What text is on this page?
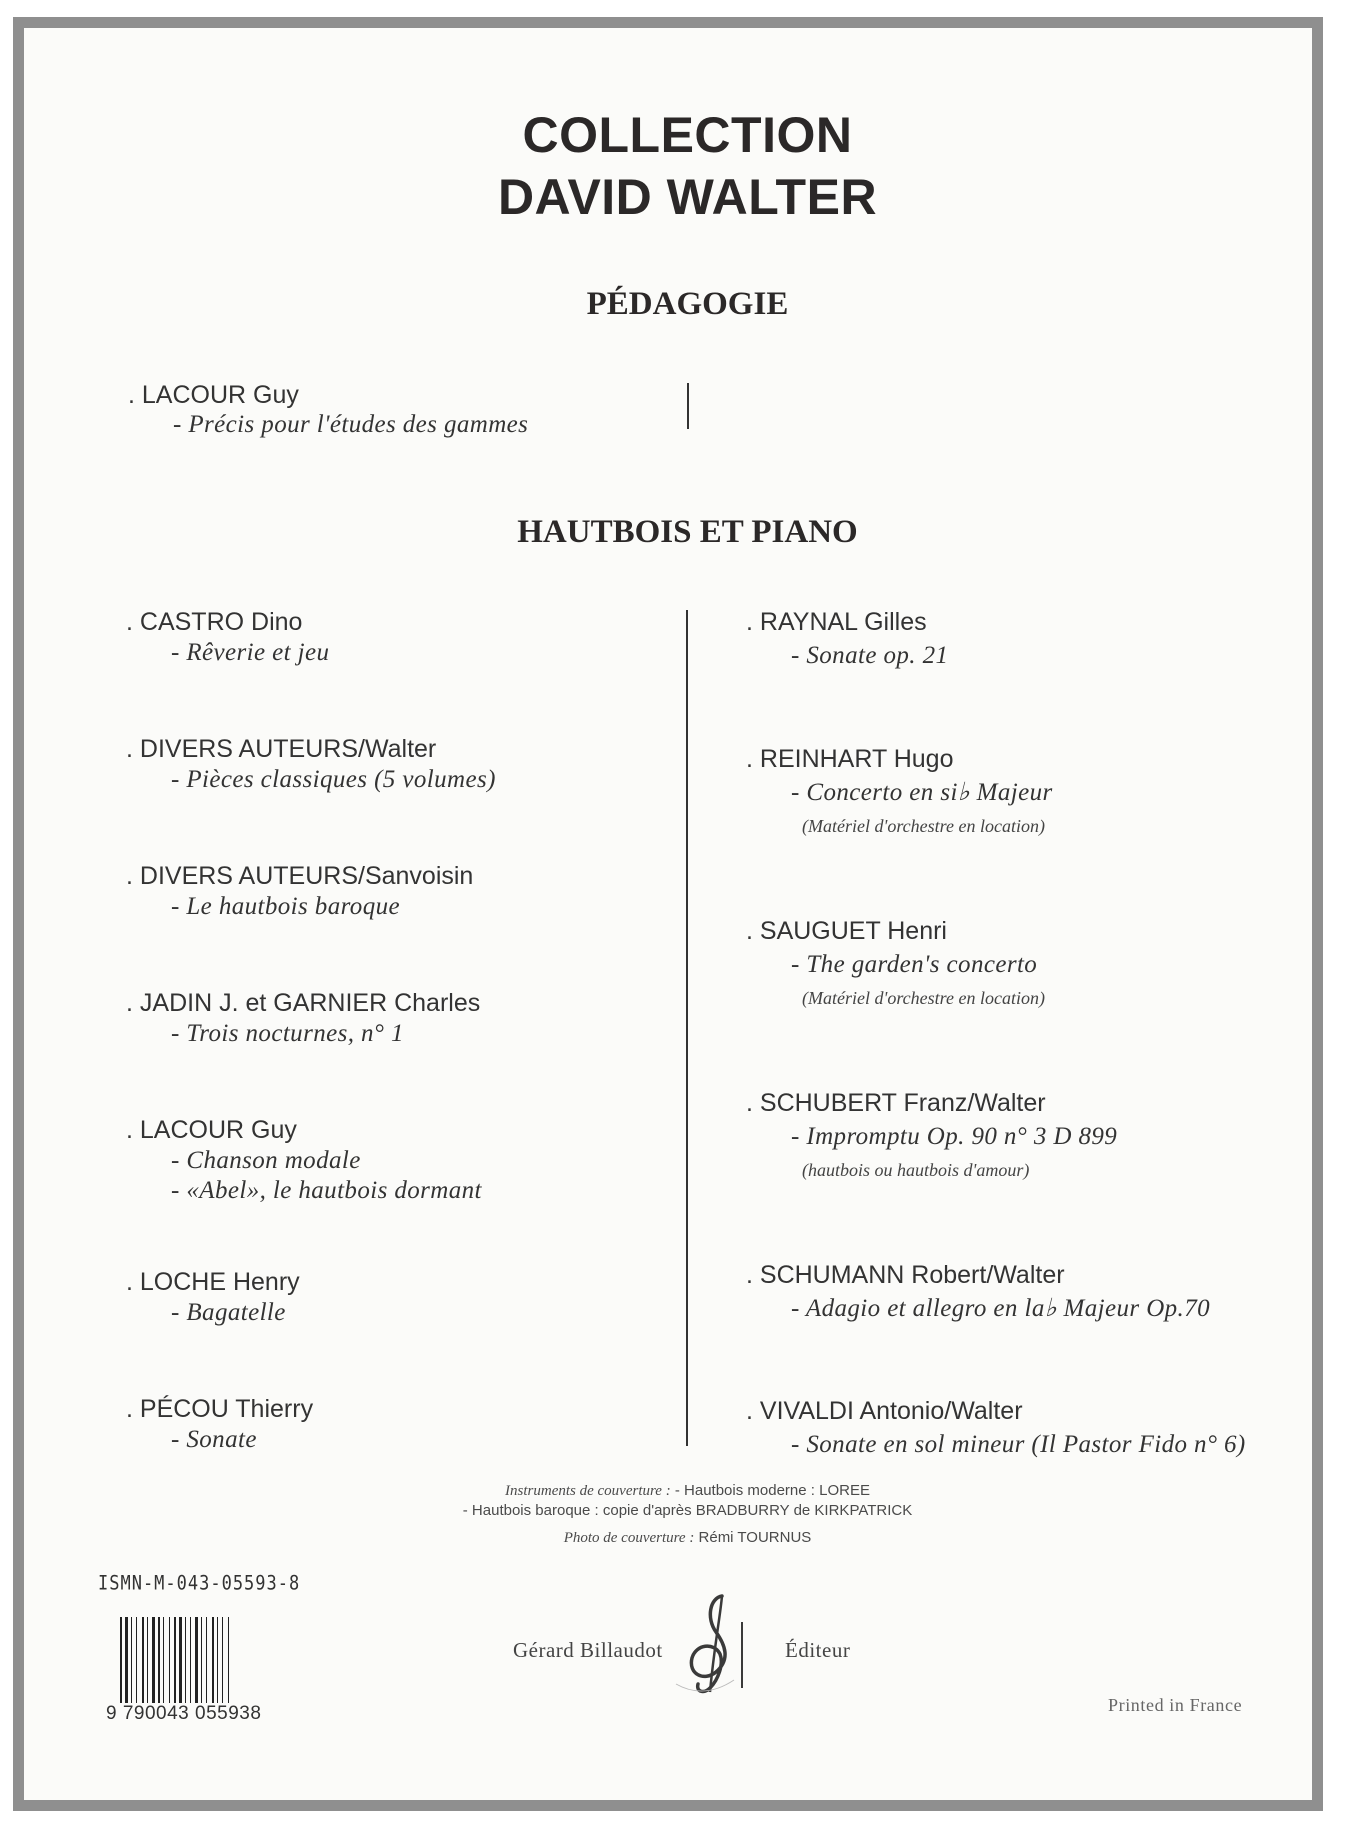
COLLECTION
DAVID WALTER
PÉDAGOGIE
. LACOUR Guy
- Précis pour l'études des gammes
HAUTBOIS ET PIANO
. CASTRO Dino
- Rêverie et jeu
. DIVERS AUTEURS/Walter
- Pièces classiques (5 volumes)
. DIVERS AUTEURS/Sanvoisin
- Le hautbois baroque
. JADIN J. et GARNIER Charles
- Trois nocturnes, n° 1
. LACOUR Guy
- Chanson modale
- «Abel», le hautbois dormant
. LOCHE Henry
- Bagatelle
. PÉCOU Thierry
- Sonate
. RAYNAL Gilles
- Sonate op. 21
. REINHART Hugo
- Concerto en si♭ Majeur
(Matériel d'orchestre en location)
. SAUGUET Henri
- The garden's concerto
(Matériel d'orchestre en location)
. SCHUBERT Franz/Walter
- Impromptu Op. 90 n° 3 D 899
(hautbois ou hautbois d'amour)
. SCHUMANN Robert/Walter
- Adagio et allegro en la♭ Majeur Op.70
. VIVALDI Antonio/Walter
- Sonate en sol mineur (Il Pastor Fido n° 6)
Instruments de couverture : - Hautbois moderne : LOREE
- Hautbois baroque : copie d'après BRADBURRY de KIRKPATRICK
Photo de couverture : Rémi TOURNUS
ISMN-M-043-05593-8
9 790043 055938
Gérard Billaudot	Éditeur
Printed in France
